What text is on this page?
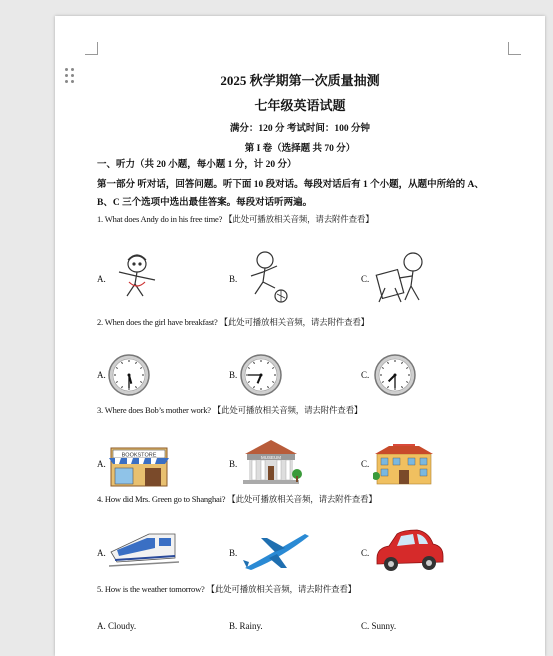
2025 秋学期第一次质量抽测
七年级英语试题
满分：120 分 考试时间：100 分钟
第 I 卷（选择题 共 70 分）
一、听力（共 20 小题，每小题 1 分，计 20 分）
第一部分 听对话，回答问题。听下面 10 段对话。每段对话后有 1 个小题，从题中所给的 A、
B、C 三个选项中选出最佳答案。每段对话听两遍。
1. What does Andy do in his free time? 【此处可播放相关音频，请去附件查看】
A.	B.	C.
2. When does the girl have breakfast? 【此处可播放相关音频，请去附件查看】
A.	B.	C.
3. Where does Bob’s mother work? 【此处可播放相关音频，请去附件查看】
A.	B.	C.
BOOKSTORE	MUSEUM
4. How did Mrs. Green go to Shanghai? 【此处可播放相关音频，请去附件查看】
A.	B.	C.
5. How is the weather tomorrow? 【此处可播放相关音频，请去附件查看】
A. Cloudy.	B. Rainy.	C. Sunny.
